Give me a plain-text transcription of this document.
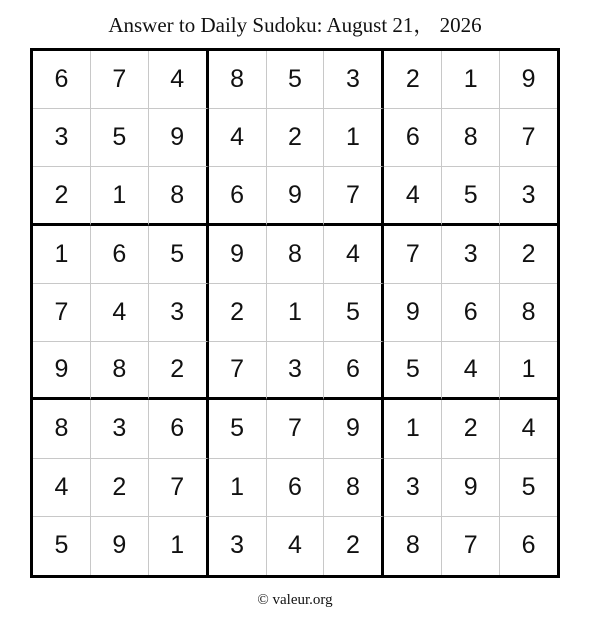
Answer to Daily Sudoku: August 21， 2026
6	7	4	8	5	3	2	1	9
3	5	9	4	2	1	6	8	7
2	1	8	6	9	7	4	5	3
1	6	5	9	8	4	7	3	2
7	4	3	2	1	5	9	6	8
9	8	2	7	3	6	5	4	1
8	3	6	5	7	9	1	2	4
4	2	7	1	6	8	3	9	5
5	9	1	3	4	2	8	7	6
© valeur.org
